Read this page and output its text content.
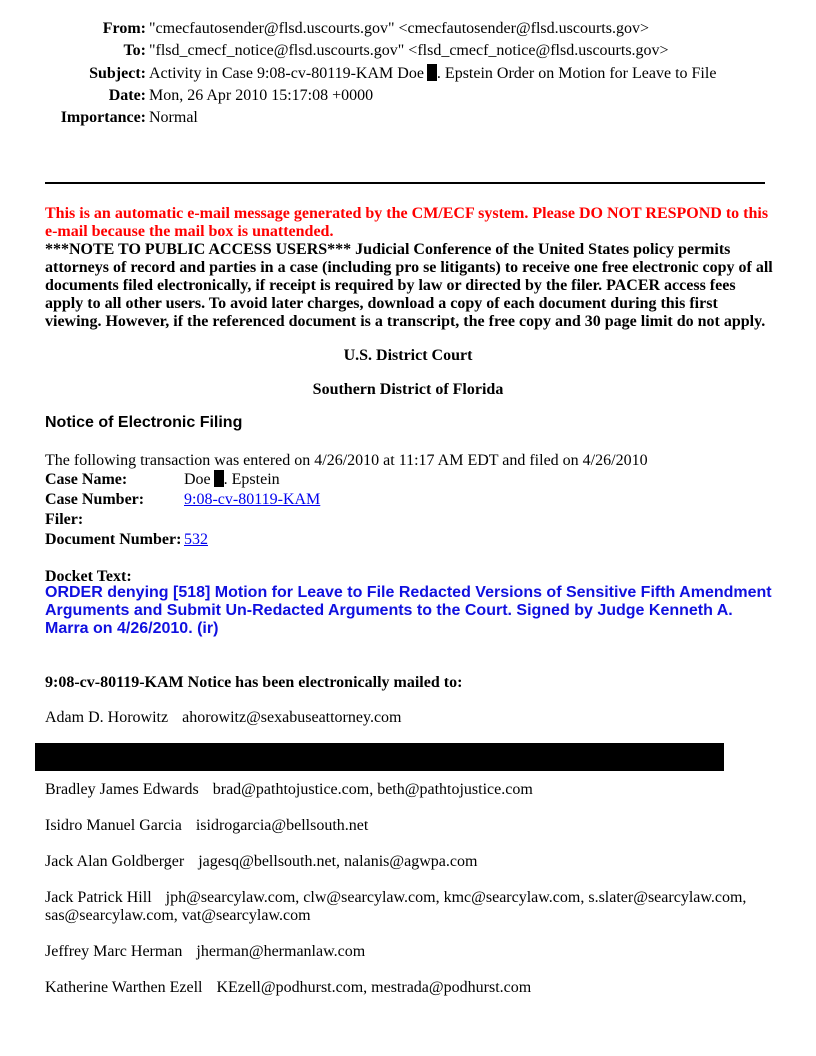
From: "cmecfautosender@flsd.uscourts.gov" <cmecfautosender@flsd.uscourts.gov>
To: "flsd_cmecf_notice@flsd.uscourts.gov" <flsd_cmecf_notice@flsd.uscourts.gov>
Subject: Activity in Case 9:08-cv-80119-KAM Doe . Epstein Order on Motion for Leave to File
Date: Mon, 26 Apr 2010 15:17:08 +0000
Importance: Normal
This is an automatic e-mail message generated by the CM/ECF system. Please DO NOT RESPOND to this e-mail because the mail box is unattended.
***NOTE TO PUBLIC ACCESS USERS*** Judicial Conference of the United States policy permits attorneys of record and parties in a case (including pro se litigants) to receive one free electronic copy of all documents filed electronically, if receipt is required by law or directed by the filer. PACER access fees apply to all other users. To avoid later charges, download a copy of each document during this first viewing. However, if the referenced document is a transcript, the free copy and 30 page limit do not apply.
U.S. District Court
Southern District of Florida
Notice of Electronic Filing
The following transaction was entered on 4/26/2010 at 11:17 AM EDT and filed on 4/26/2010
Case Name:	Doe . Epstein
Case Number: 9:08-cv-80119-KAM
Filer:
Document Number: 532
Docket Text:
ORDER denying [518] Motion for Leave to File Redacted Versions of Sensitive Fifth Amendment Arguments and Submit Un-Redacted Arguments to the Court. Signed by Judge Kenneth A. Marra on 4/26/2010. (ir)
9:08-cv-80119-KAM Notice has been electronically mailed to:
Adam D. Horowitz ahorowitz@sexabuseattorney.com
Bradley James Edwards brad@pathtojustice.com, beth@pathtojustice.com
Isidro Manuel Garcia isidrogarcia@bellsouth.net
Jack Alan Goldberger jagesq@bellsouth.net, nalanis@agwpa.com
Jack Patrick Hill jph@searcylaw.com, clw@searcylaw.com, kmc@searcylaw.com, s.slater@searcylaw.com, sas@searcylaw.com, vat@searcylaw.com
Jeffrey Marc Herman jherman@hermanlaw.com
Katherine Warthen Ezell KEzell@podhurst.com, mestrada@podhurst.com
